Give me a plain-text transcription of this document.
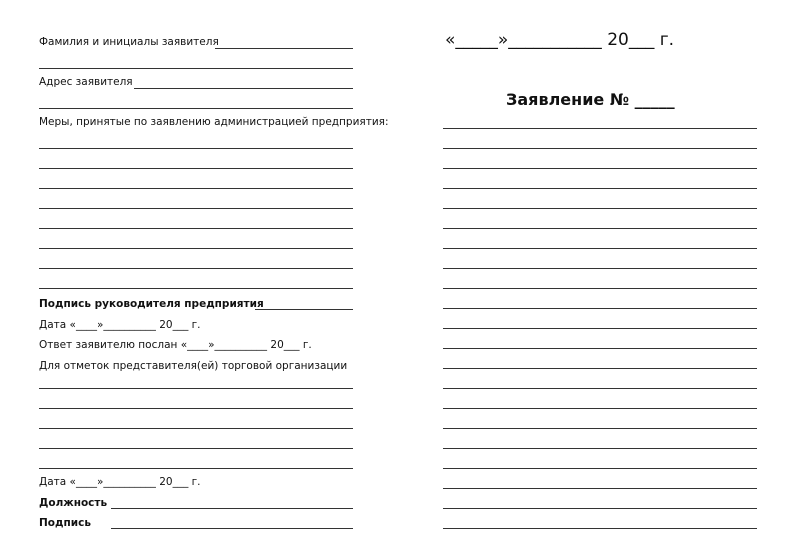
Фамилия и инициалы заявителя
Адрес заявителя
Меры, принятые по заявлению администрацией предприятия:
Подпись руководителя предприятия
Дата «____»__________ 20___ г.
Ответ заявителю послан «____»__________ 20___ г.
Для отметок представителя(ей) торговой организации
Дата «____»__________ 20___ г.
Должность
Подпись
«_____»___________ 20___ г.
Заявление № _____
